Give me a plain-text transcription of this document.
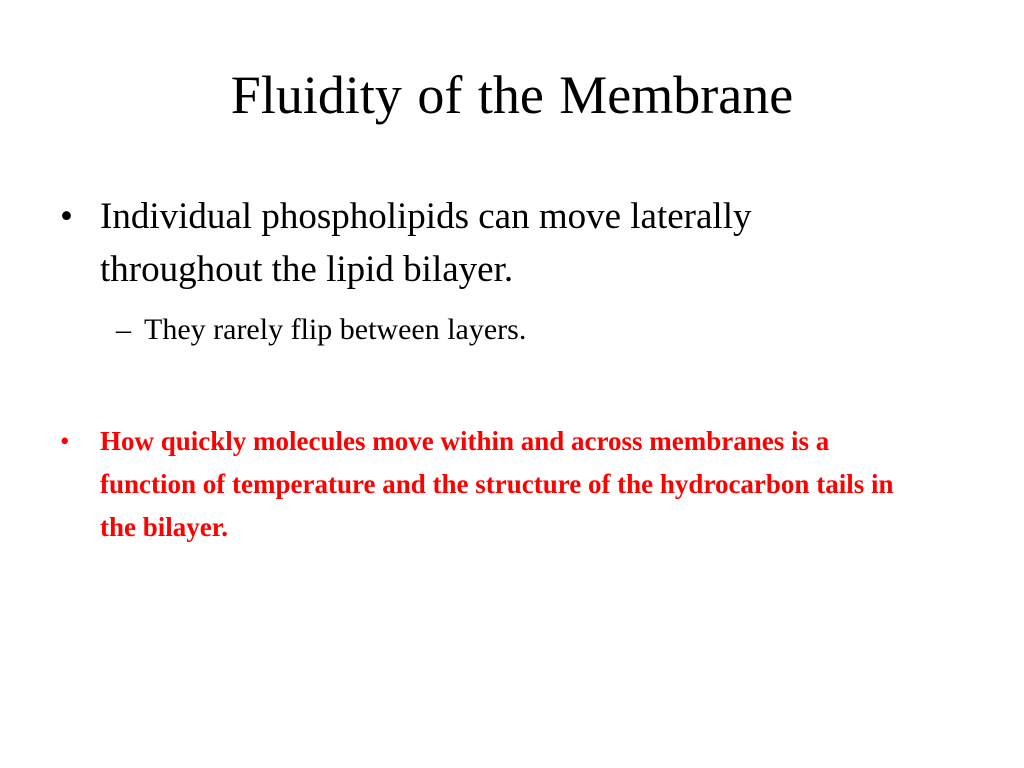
Fluidity of the Membrane
• Individual phospholipids can move laterally throughout the lipid bilayer.
– They rarely flip between layers.
•	How quickly molecules move within and across membranes is a function of temperature and the structure of the hydrocarbon tails in the bilayer.
